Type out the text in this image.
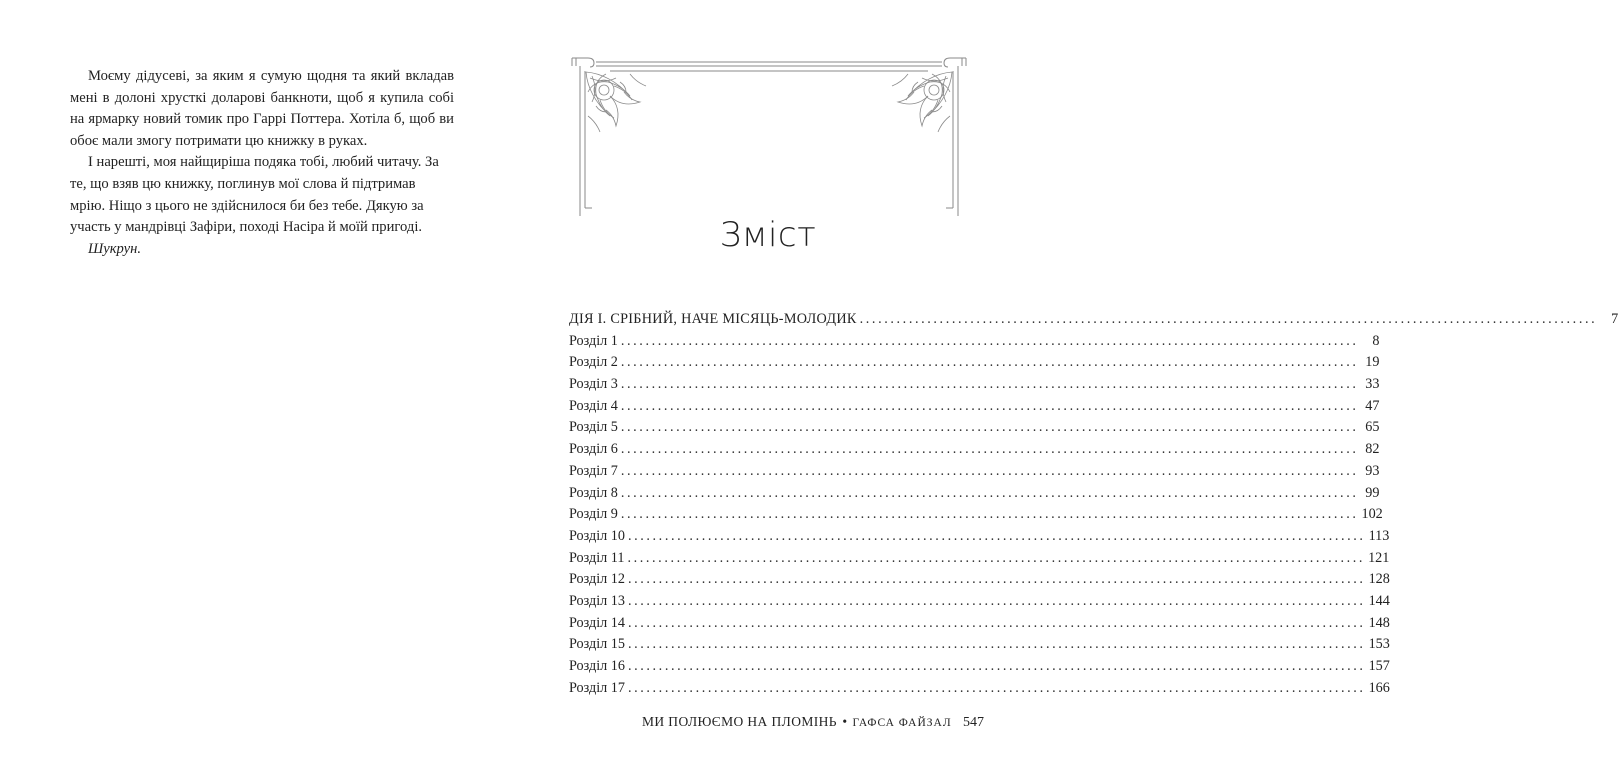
Моєму дідусеві, за яким я сумую щодня та який вкладав мені в долоні хрусткі доларові банкноти, щоб я купила собі на ярмарку новий томик про Гаррі Поттера. Хотіла б, щоб ви обоє мали змогу потримати цю книжку в руках.

І нарешті, моя найщиріша подяка тобі, любий читачу. За те, що взяв цю книжку, поглинув мої слова й підтримав мрію. Ніщо з цього не здійснилося би без тебе. Дякую за участь у мандрівці Зафіри, поході Насіра й моїй пригоді.

Шукрун.	Зміст
ДІЯ І. СРІБНИЙ, НАЧЕ МІСЯЦЬ-МОЛОДИК ........................................................................................................................ 7
Розділ 1 ........................................................................................................................ 8
Розділ 2 ........................................................................................................................ 19
Розділ 3 ........................................................................................................................ 33
Розділ 4 ........................................................................................................................ 47
Розділ 5 ........................................................................................................................ 65
Розділ 6 ........................................................................................................................ 82
Розділ 7 ........................................................................................................................ 93
Розділ 8 ........................................................................................................................ 99
Розділ 9 ........................................................................................................................ 102
Розділ 10 ........................................................................................................................ 113
Розділ 11 ........................................................................................................................ 121
Розділ 12 ........................................................................................................................ 128
Розділ 13 ........................................................................................................................ 144
Розділ 14 ........................................................................................................................ 148
Розділ 15 ........................................................................................................................ 153
Розділ 16 ........................................................................................................................ 157
Розділ 17 ........................................................................................................................ 166
МИ ПОЛЮЄМО НА ПЛОМІНЬ • ГАФСА ФАЙЗАЛ 547
